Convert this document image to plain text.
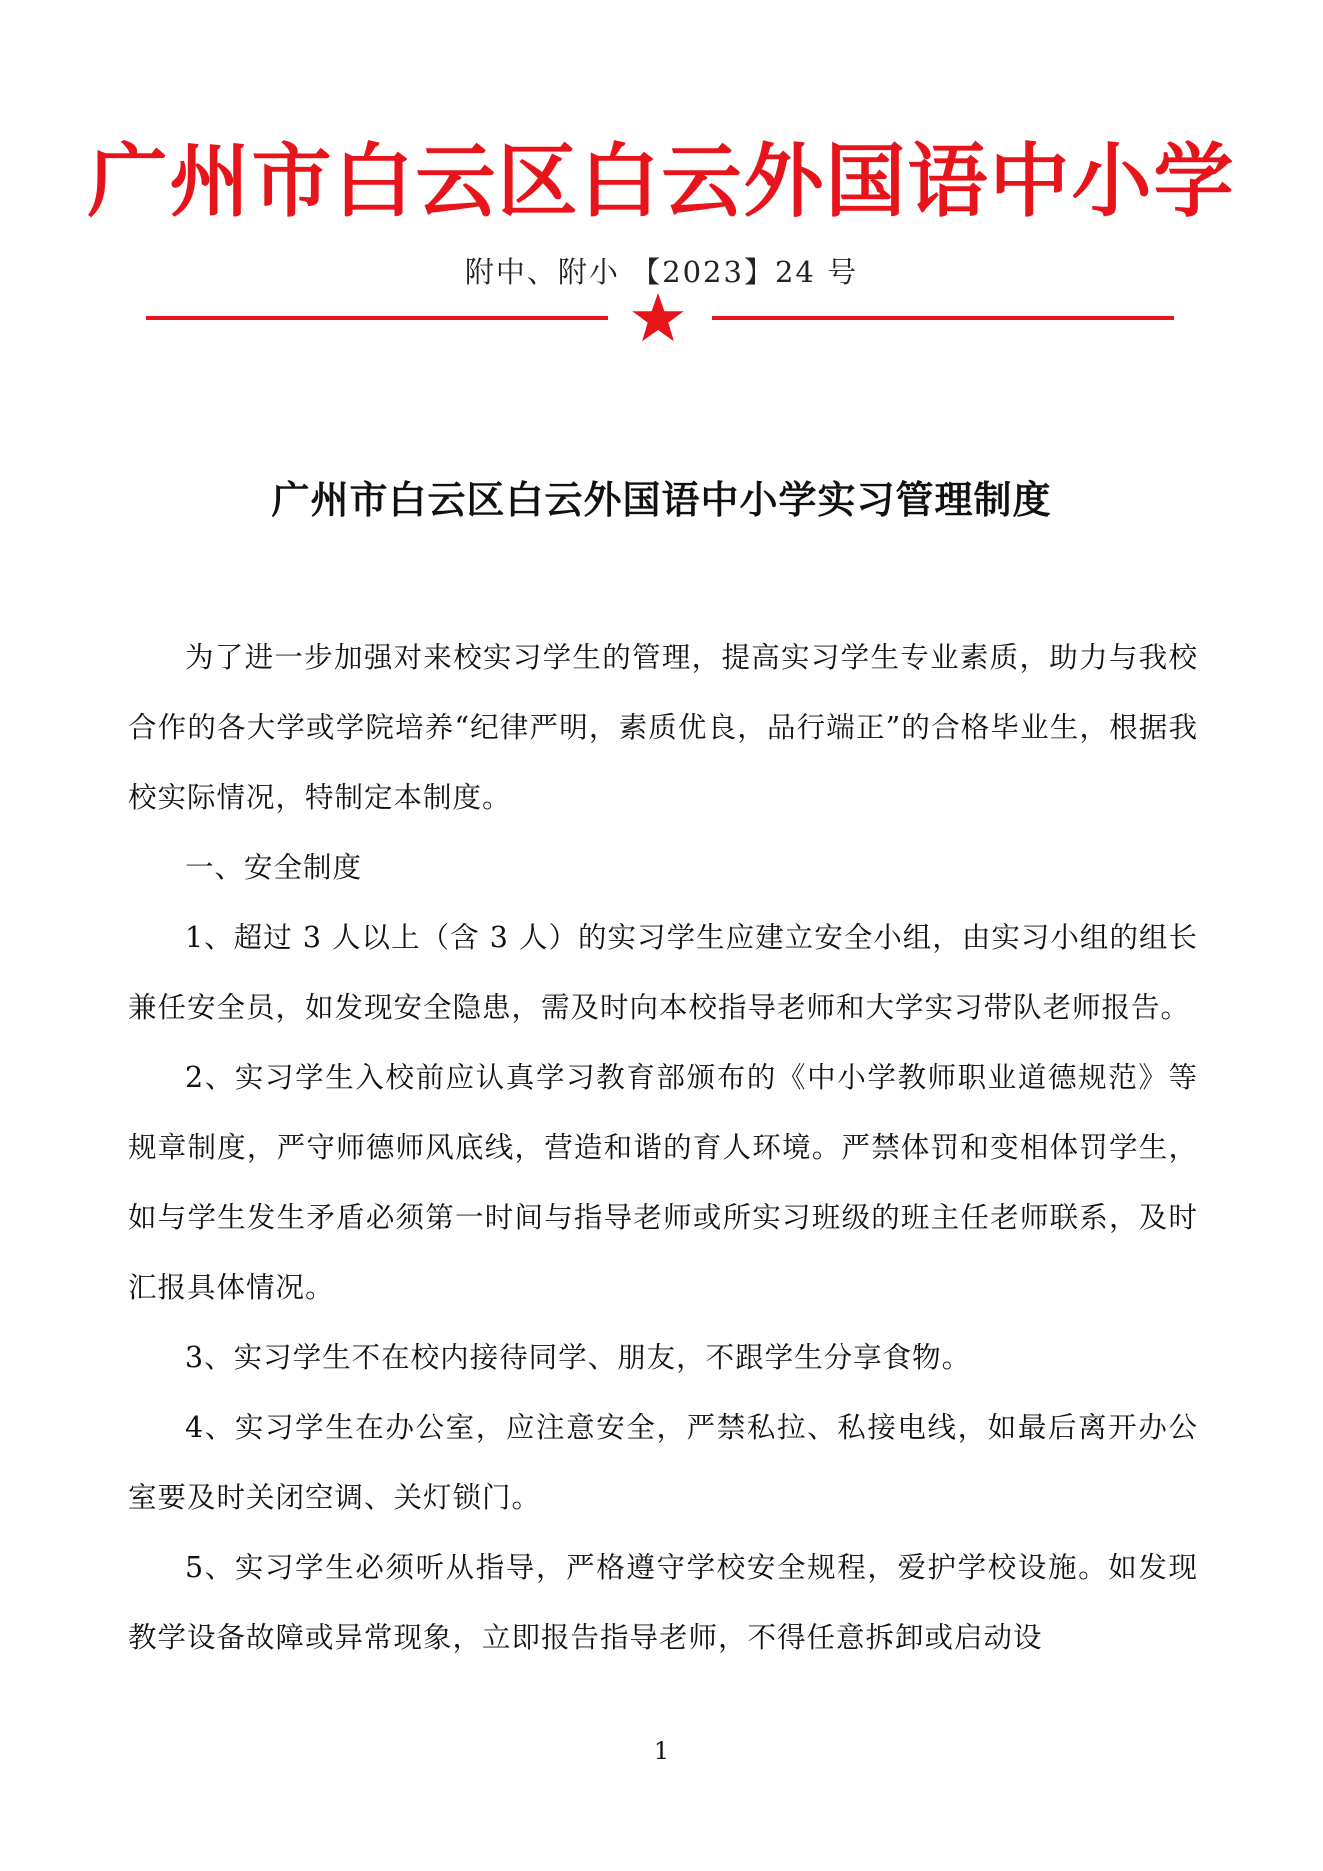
广州市白云区白云外国语中小学
附中、附小 【2023】24 号
广州市白云区白云外国语中小学实习管理制度

为了进一步加强对来校实习学生的管理，提高实习学生专业素质，助力与我校合作的各大学或学院培养“纪律严明，素质优良，品行端正”的合格毕业生，根据我校实际情况，特制定本制度。

一、安全制度

1、超过 3 人以上（含 3 人）的实习学生应建立安全小组，由实习小组的组长兼任安全员，如发现安全隐患，需及时向本校指导老师和大学实习带队老师报告。

2、实习学生入校前应认真学习教育部颁布的《中小学教师职业道德规范》等规章制度，严守师德师风底线，营造和谐的育人环境。严禁体罚和变相体罚学生，如与学生发生矛盾必须第一时间与指导老师或所实习班级的班主任老师联系，及时汇报具体情况。

3、实习学生不在校内接待同学、朋友，不跟学生分享食物。

4、实习学生在办公室，应注意安全，严禁私拉、私接电线，如最后离开办公室要及时关闭空调、关灯锁门。

5、实习学生必须听从指导，严格遵守学校安全规程，爱护学校设施。如发现教学设备故障或异常现象，立即报告指导老师，不得任意拆卸或启动设

1
